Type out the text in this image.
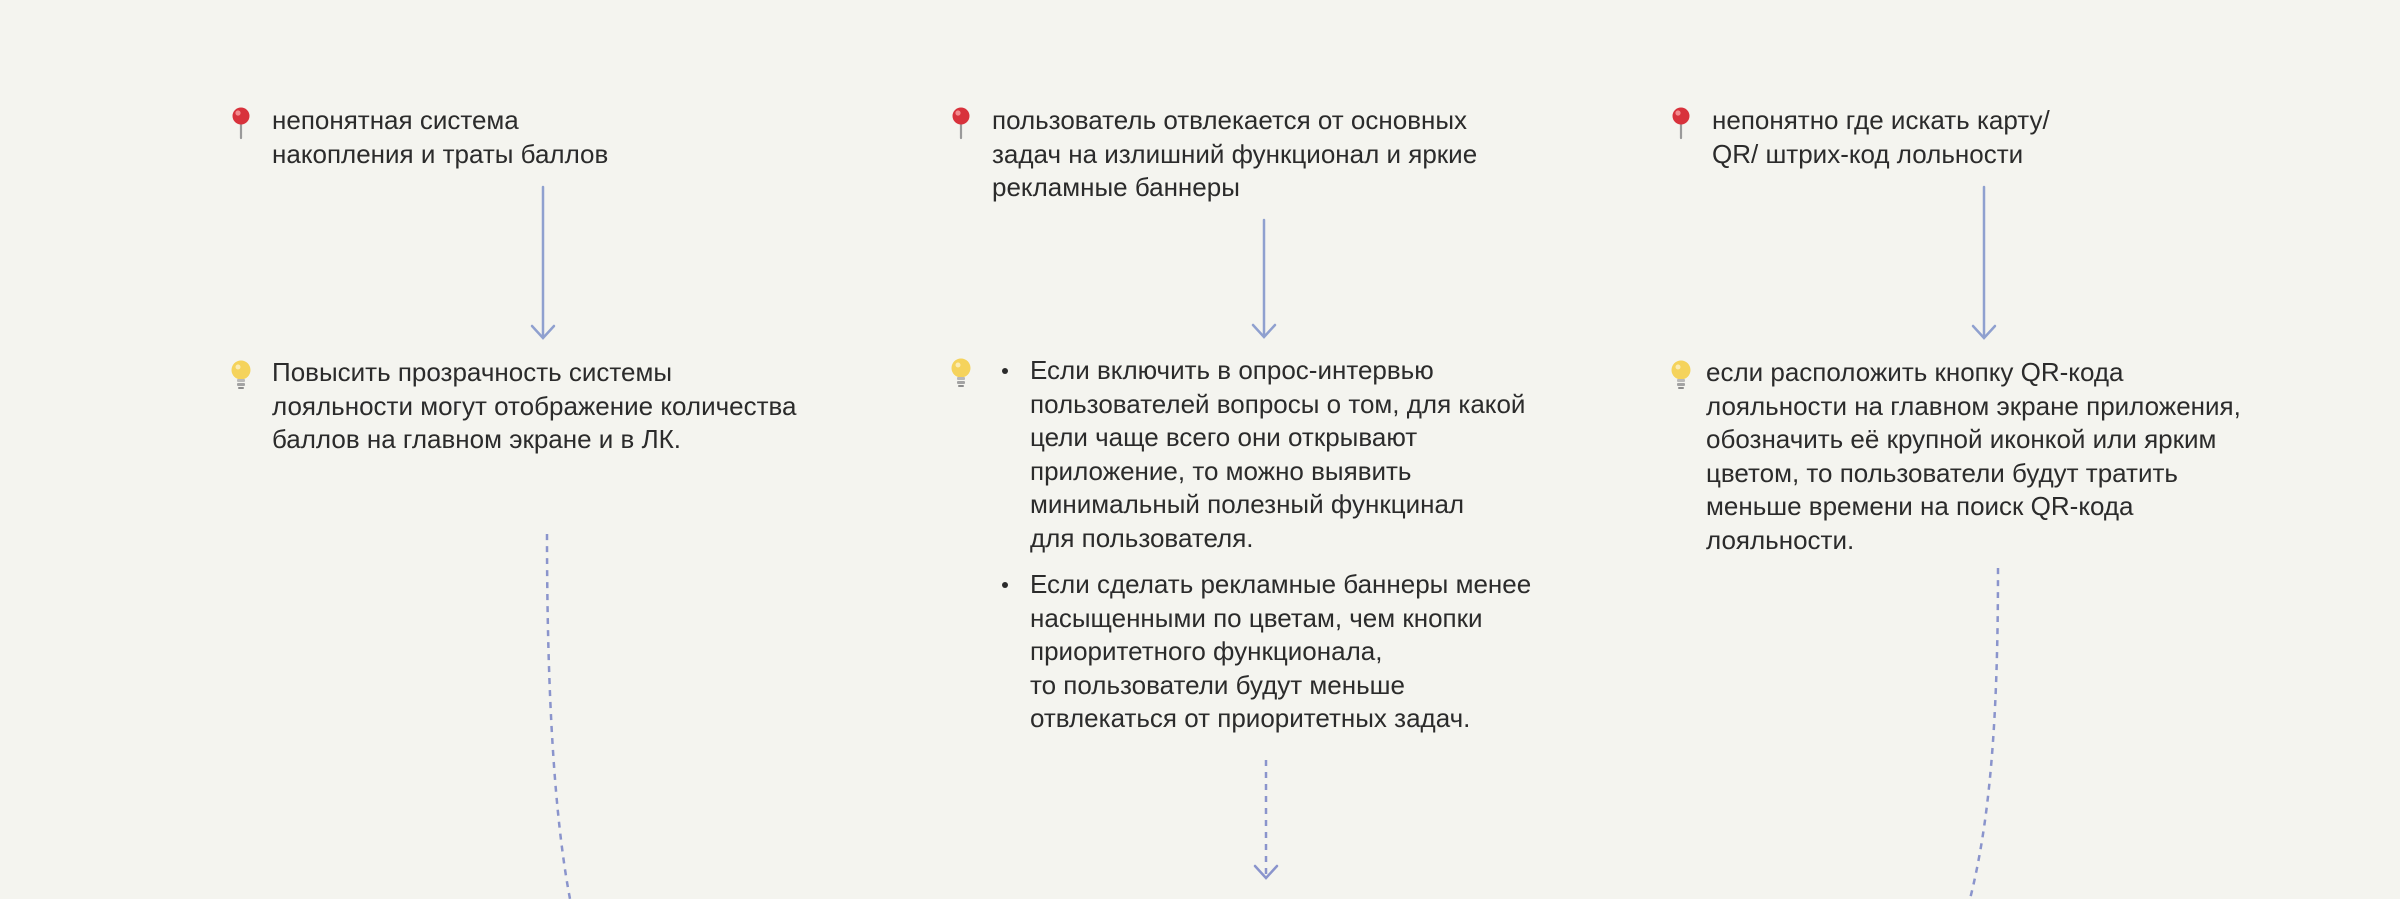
непонятная система
накопления и траты баллов
пользователь отвлекается от основных
задач на излишний функционал и яркие
рекламные баннеры
непонятно где искать карту/
QR/ штрих-код лольности
Повысить прозрачность системы
лояльности могут отображение количества
баллов на главном экране и в ЛК.
Если включить в опрос-интервью
пользователей вопросы о том, для какой
цели чаще всего они открывают
приложение, то можно выявить
минимальный полезный функцинал
для пользователя.
Если сделать рекламные баннеры менее
насыщенными по цветам, чем кнопки
приоритетного функционала,
то пользователи будут меньше
отвлекаться от приоритетных задач.
если расположить кнопку QR-кода
лояльности на главном экране приложения,
обозначить её крупной иконкой или ярким
цветом, то пользователи будут тратить
меньше времени на поиск QR-кода
лояльности.
